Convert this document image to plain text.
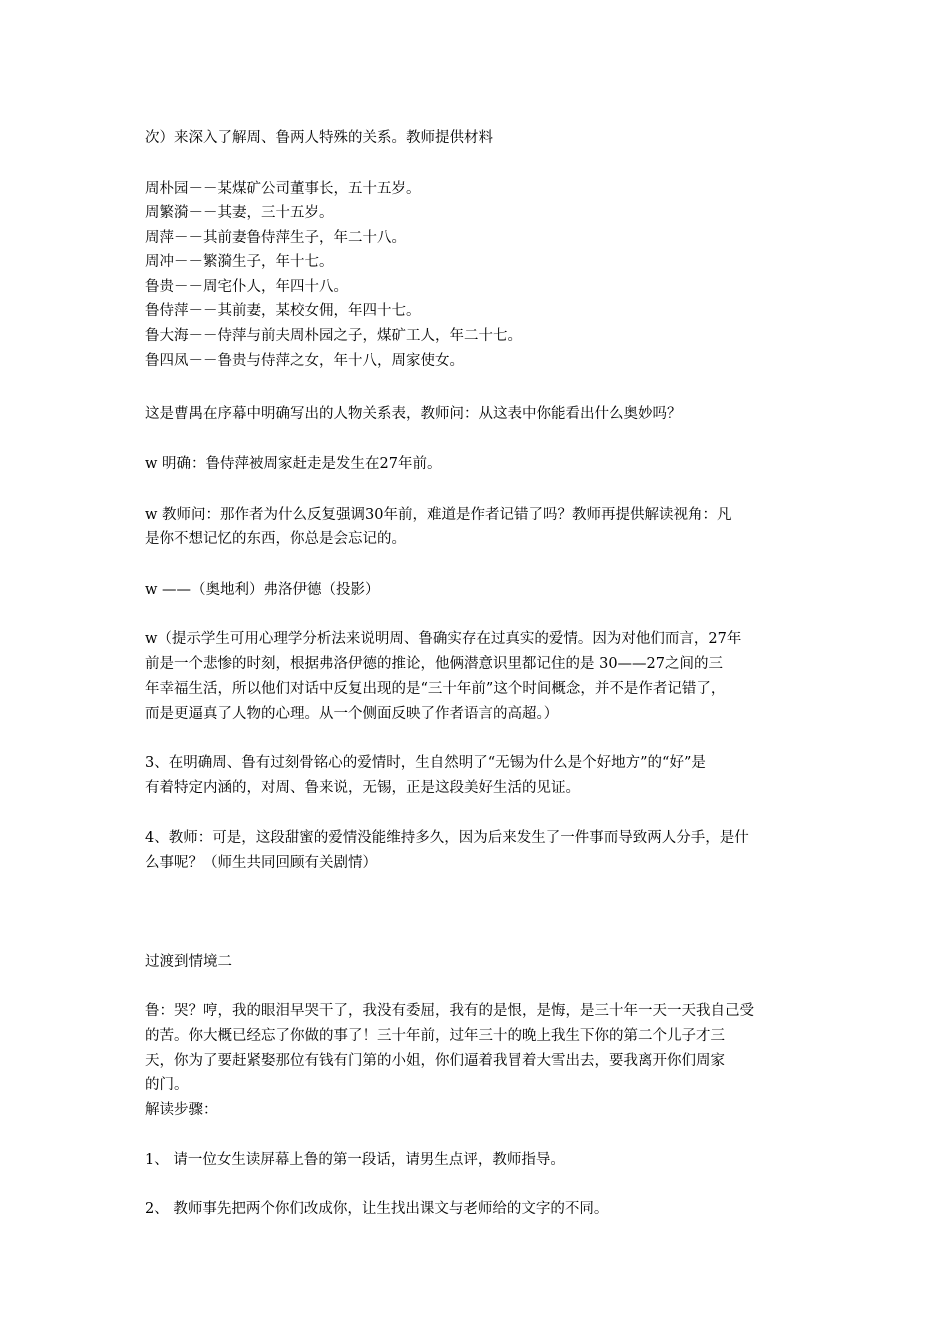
次）来深入了解周、鲁两人特殊的关系。教师提供材料
周朴园－－某煤矿公司董事长，五十五岁。
周繁漪－－其妻，三十五岁。
周萍－－其前妻鲁侍萍生子，年二十八。
周冲－－繁漪生子，年十七。
鲁贵－－周宅仆人，年四十八。
鲁侍萍－－其前妻，某校女佣，年四十七。
鲁大海－－侍萍与前夫周朴园之子，煤矿工人，年二十七。
鲁四凤－－鲁贵与侍萍之女，年十八，周家使女。
这是曹禺在序幕中明确写出的人物关系表，教师问：从这表中你能看出什么奥妙吗？
w 明确：鲁侍萍被周家赶走是发生在27年前。
w 教师问：那作者为什么反复强调30年前，难道是作者记错了吗？教师再提供解读视角：凡
是你不想记忆的东西，你总是会忘记的。
w ——（奥地利）弗洛伊德（投影）
w（提示学生可用心理学分析法来说明周、鲁确实存在过真实的爱情。因为对他们而言，27年
前是一个悲惨的时刻，根据弗洛伊德的推论，他俩潜意识里都记住的是 30——27之间的三
年幸福生活，所以他们对话中反复出现的是“三十年前”这个时间概念，并不是作者记错了，
而是更逼真了人物的心理。从一个侧面反映了作者语言的高超。）
3、在明确周、鲁有过刻骨铭心的爱情时，生自然明了“无锡为什么是个好地方”的“好”是
有着特定内涵的，对周、鲁来说，无锡，正是这段美好生活的见证。
4、教师：可是，这段甜蜜的爱情没能维持多久，因为后来发生了一件事而导致两人分手，是什
么事呢？（师生共同回顾有关剧情）
过渡到情境二
鲁：哭？哼，我的眼泪早哭干了，我没有委屈，我有的是恨，是悔，是三十年一天一天我自己受
的苦。你大概已经忘了你做的事了！三十年前，过年三十的晚上我生下你的第二个儿子才三
天，你为了要赶紧娶那位有钱有门第的小姐，你们逼着我冒着大雪出去，要我离开你们周家
的门。
解读步骤：
1、 请一位女生读屏幕上鲁的第一段话，请男生点评，教师指导。
2、 教师事先把两个你们改成你，让生找出课文与老师给的文字的不同。
